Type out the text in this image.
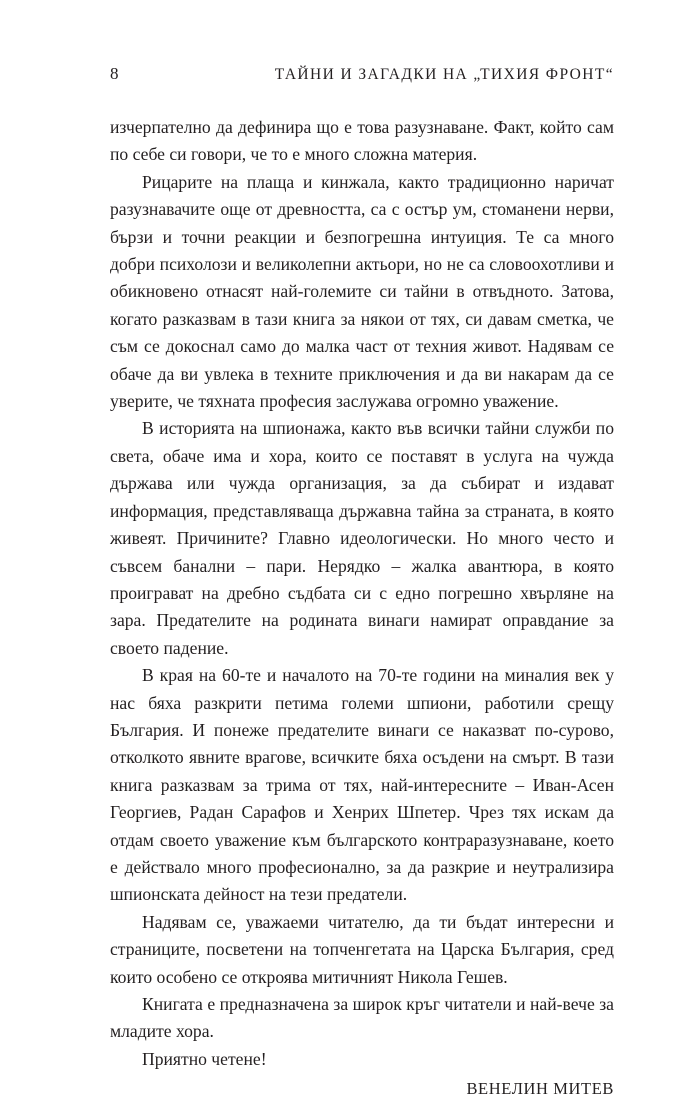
8	ТАЙНИ И ЗАГАДКИ НА „ТИХИЯ ФРОНТ“

изчерпателно да дефинира що е това разузнаване. Факт, който сам по себе си говори, че то е много сложна материя.

Рицарите на плаща и кинжала, както традиционно наричат разузнавачите още от древността, са с остър ум, стоманени нерви, бързи и точни реакции и безпогрешна интуиция. Те са много добри психолози и великолепни актьори, но не са словоохотливи и обикновено отнасят най-големите си тайни в отвъдното. Затова, когато разказвам в тази книга за някои от тях, си давам сметка, че съм се докоснал само до малка част от техния живот. Надявам се обаче да ви увлека в техните приключения и да ви накарам да се уверите, че тяхната професия заслужава огромно уважение.

В историята на шпионажа, както във всички тайни служби по света, обаче има и хора, които се поставят в услуга на чужда държава или чужда организация, за да събират и издават информация, представляваща държавна тайна за страната, в която живеят. Причините? Главно идеологически. Но много често и съвсем банални – пари. Нерядко – жалка авантюра, в която проиграват на дребно съдбата си с едно погрешно хвърляне на зара. Предателите на родината винаги намират оправдание за своето падение.

В края на 60-те и началото на 70-те години на миналия век у нас бяха разкрити петима големи шпиони, работили срещу България. И понеже предателите винаги се наказват по-сурово, отколкото явните врагове, всичките бяха осъдени на смърт. В тази книга разказвам за трима от тях, най-интересните – Иван-Асен Георгиев, Радан Сарафов и Хенрих Шпетер. Чрез тях искам да отдам своето уважение към българското контраразузнаване, което е действало много професионално, за да разкрие и неутрализира шпионската дейност на тези предатели.

Надявам се, уважаеми читателю, да ти бъдат интересни и страниците, посветени на топченгетата на Царска България, сред които особено се откроява митичният Никола Гешев.

Книгата е предназначена за широк кръг читатели и най-вече за младите хора.

Приятно четене!

ВЕНЕЛИН МИТЕВ
